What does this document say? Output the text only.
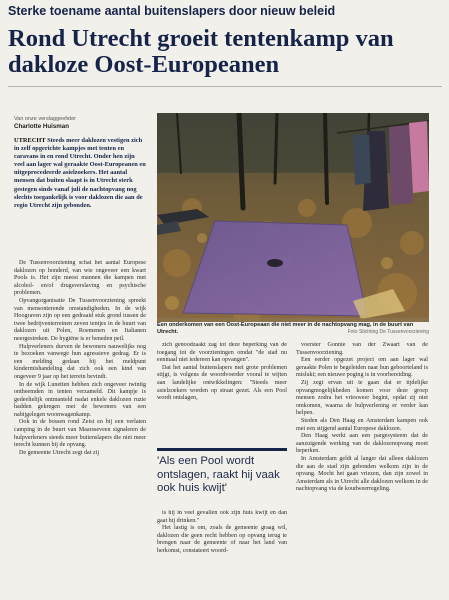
Sterke toename aantal buitenslapers door nieuw beleid
Rond Utrecht groeit tentenkamp van dakloze Oost-Europeanen
Van onze verslaggeefster
Charlotte Huisman
UTRECHT Steeds meer daklozen vestigen zich in zelf opgerichte kampjes met tenten en caravans in en rond Utrecht. Onder hen zijn veel aan lager wal geraakte Oost-Europeanen en uitgeprocedeerde asielzoekers. Het aantal mensen dat buiten slaapt is in Utrecht sterk gestegen sinds vanaf juli de nachtopvang nog slechts toegankelijk is voor daklozen die aan de regio Utrecht zijn gebonden.

De Tussenvoorziening schat het aantal Europese daklozen op honderd, van wie ongeveer een kwart Pools is. Het zijn meest mannen die kampen met alcohol- en/of drugsverslaving en psychische problemen.

Opvangorganisatie De Tussenvoorziening spreekt van mensonterende omstandigheden. In de wijk Hoograven zijn op een gedraaid stuk grond tussen de twee bedrijventerreinen zeven tentjes in de buurt van daklozen uit Polen, Roemenen en Italianen neergestreken. De hygiëne is er beneden peil.

Hulpverleners durven de bewoners nauwelijks nog te bezoeken vanwege hun agressieve gedrag. Er is een melding gedaan bij het meldpunt kindermishandeling dat zich ook een kind van ongeveer 9 jaar op het terrein bevindt.

In de wijk Lunetten hebben zich ongeveer twintig ontheemden in tenten verzameld. Dit kampje is gedeeltelijk ontmanteld nadat enkele daklozen ruzie hadden gekregen met de bewoners van een nabijgelegen woonwagenkamp.

Ook in de bossen rond Zeist en bij een verlaten camping in de buurt van Maarsseveen signaleren de hulpverleners steeds meer buitenslapers die niet meer terecht kunnen bij de opvang.

De gemeente Utrecht zegt dat zij

Een onderkomen van een Oost-Europeaan die niet meer in de nachtopvang mag, in de buurt van Utrecht.	Foto Stichting De Tussenvoorziening

zich genoodzaakt zag tot deze beperking van de toegang tot de voorzieningen omdat "de stad nu eenmaal niet iedereen kan opvangen".

Dat het aantal buitenslapers met grote problemen stijgt, is volgens de woordvoerder vooral te wijten aan landelijke ontwikkelingen: "Steeds meer asielzoekers worden op straat gezet. Als een Pool wordt ontslagen,

'Als een Pool wordt ontslagen, raakt hij vaak ook huis kwijt'

is hij in veel gevallen ook zijn huis kwijt en dan gaat hij drinken."

Het lastig is om, zoals de gemeente graag wil, daklozen die geen recht hebben op opvang terug te brengen naar de gemeente of naar het land van herkomst, constateert woord-

voerster Gonnie van der Zwaart van de Tussenvoorziening.

Een eerder opgezet project om aan lager wal geraakte Polen te begeleiden naar hun geboorteland is mislukt; een nieuwe poging is in voorbereiding.

Zij zegt ervan uit te gaan dat er tijdelijke opvangmogelijkheden komen voor deze groep mensen zodra het vriesweer begint, opdat zij niet omkomen, waarna de hulpverlening er verder kan helpen.

Steden als Den Haag en Amsterdam kampen ook met een stijgend aantal Europese daklozen.

Den Haag werkt aan een pargesysteem dat de aanzuigende werking van de daklozenopvang moet beperken.

In Amsterdam geldt al langer dat alleen daklozen die aan de stad zijn gebonden welkom zijn in de opvang. Mocht het gaan vriezen, dan zijn zowel in Amsterdam als in Utrecht alle daklozen welkom in de nachtopvang via de koudweerregeling.
